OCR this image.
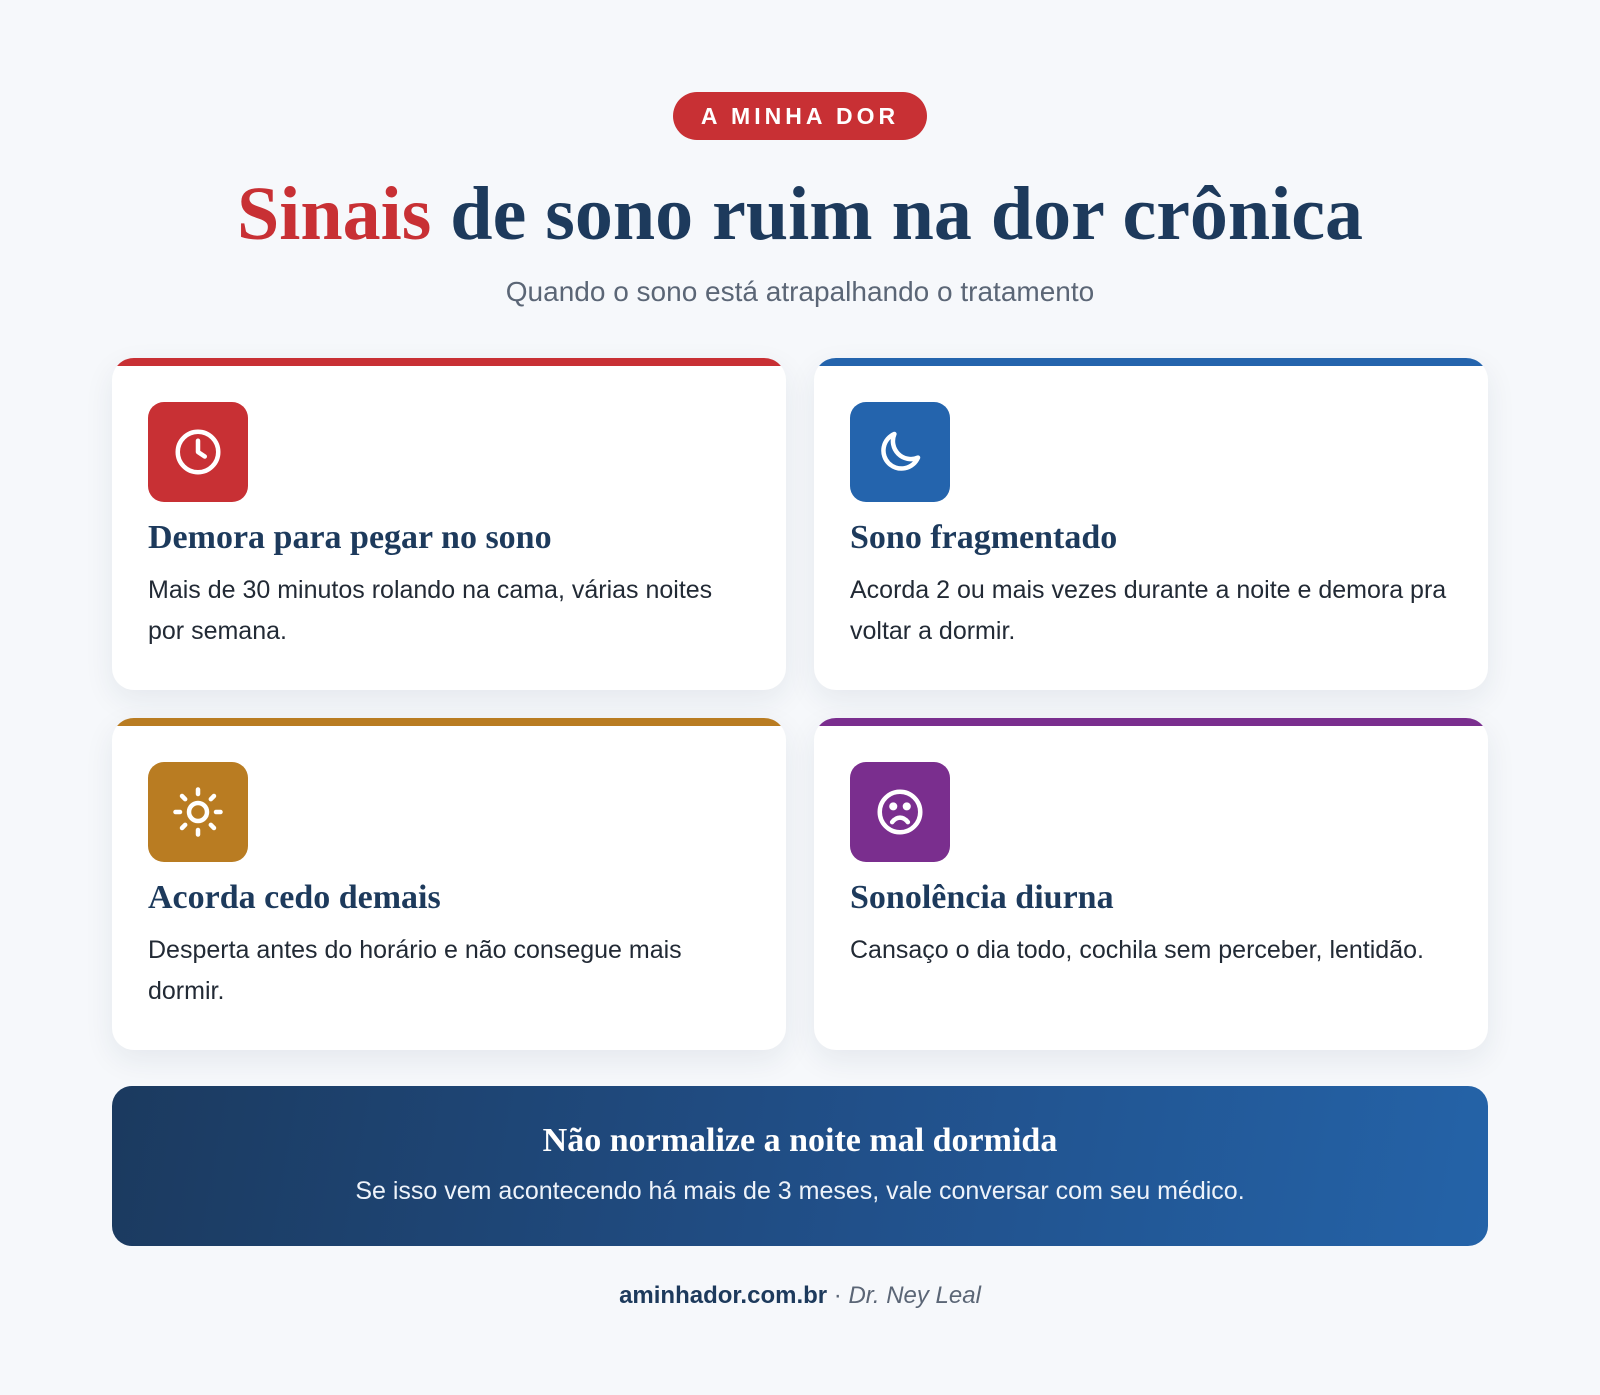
A MINHA DOR
Sinais de sono ruim na dor crônica

Quando o sono está atrapalhando o tratamento

Demora para pegar no sono

Mais de 30 minutos rolando na cama, várias noites por semana.

Sono fragmentado

Acorda 2 ou mais vezes durante a noite e demora pra voltar a dormir.

Acorda cedo demais

Desperta antes do horário e não consegue mais dormir.

Sonolência diurna

Cansaço o dia todo, cochila sem perceber, lentidão.

Não normalize a noite mal dormida

Se isso vem acontecendo há mais de 3 meses, vale conversar com seu médico.

aminhador.com.br · Dr. Ney Leal
